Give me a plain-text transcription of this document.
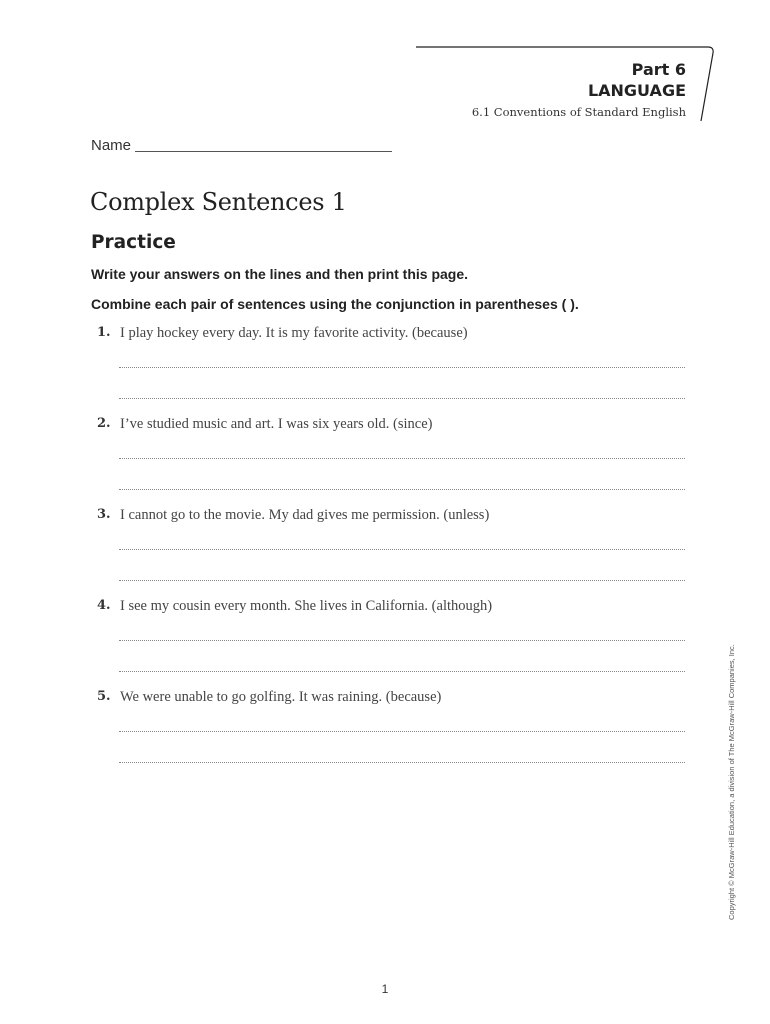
Part 6
LANGUAGE
6.1 Conventions of Standard English
Name
Complex Sentences 1
Practice
Write your answers on the lines and then print this page.
Combine each pair of sentences using the conjunction in parentheses ( ).
1. I play hockey every day. It is my favorite activity. (because)
2. I’ve studied music and art. I was six years old. (since)
3. I cannot go to the movie. My dad gives me permission. (unless)
4. I see my cousin every month. She lives in California. (although)
5. We were unable to go golfing. It was raining. (because)	Copyright © McGraw-Hill Education, a division of The McGraw-Hill Companies, Inc.
1
